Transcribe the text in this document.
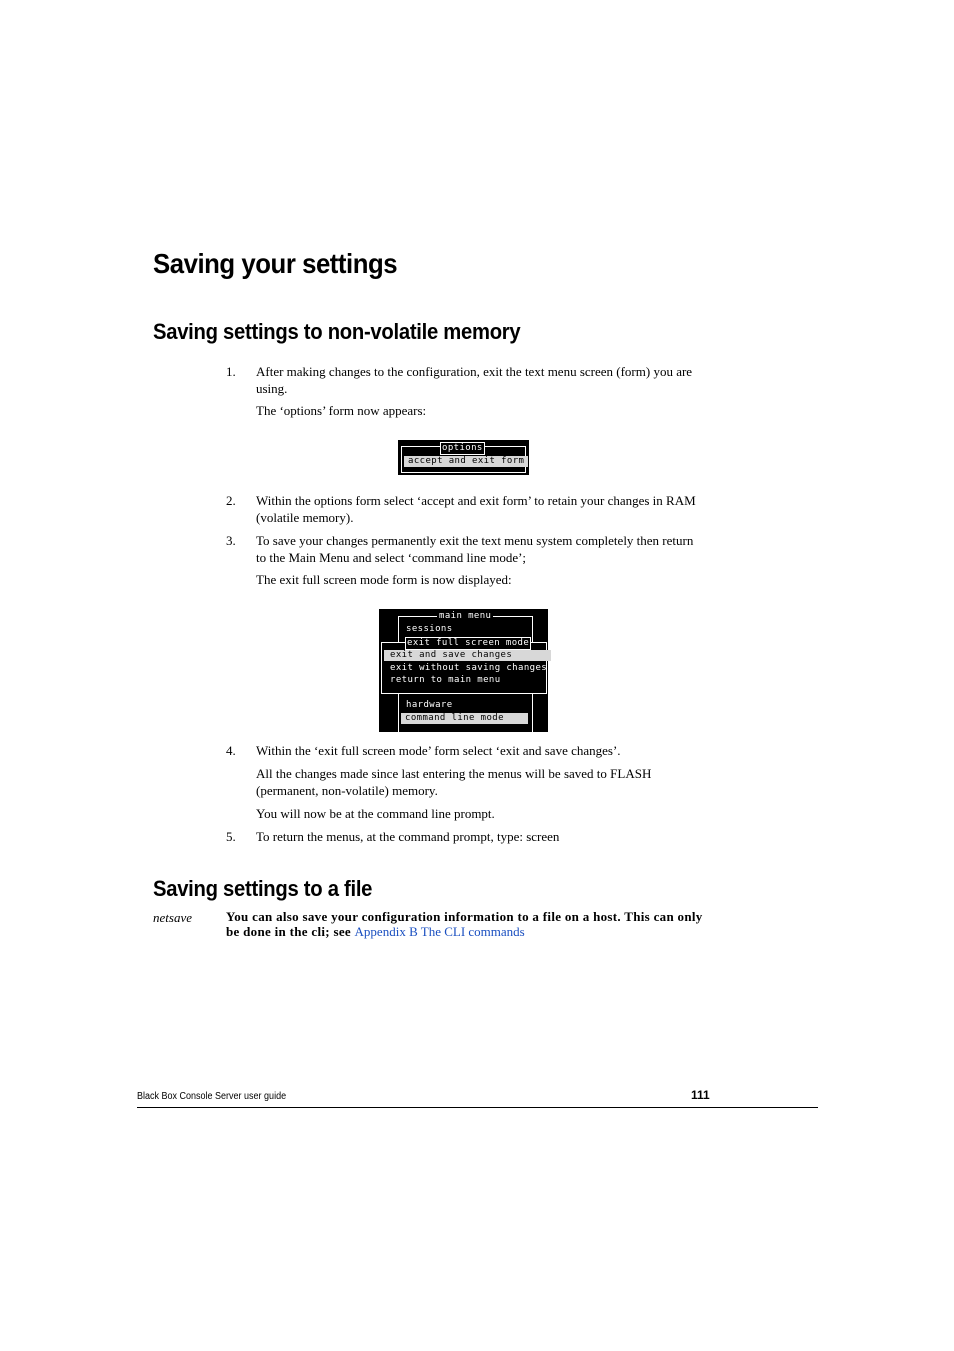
Saving your settings
Saving settings to non-volatile memory
1. After making changes to the configuration, exit the text menu screen (form) you are using.
The ‘options’ form now appears:
options
accept and exit form
2. Within the options form select ‘accept and exit form’ to retain your changes in RAM (volatile memory).
3. To save your changes permanently exit the text menu system completely then return to the Main Menu and select ‘command line mode’;
The exit full screen mode form is now displayed:
main menu
sessions
exit full screen mode
exit and save changes
exit without saving changes
return to main menu
hardware
command line mode
4. Within the ‘exit full screen mode’ form select ‘exit and save changes’.
All the changes made since last entering the menus will be saved to FLASH (permanent, non-volatile) memory.
You will now be at the command line prompt.
5. To return the menus, at the command prompt, type: screen
Saving settings to a file
netsave	You can also save your configuration information to a file on a host. This can only be done in the cli; see Appendix B The CLI commands
Black Box Console Server user guide	111
